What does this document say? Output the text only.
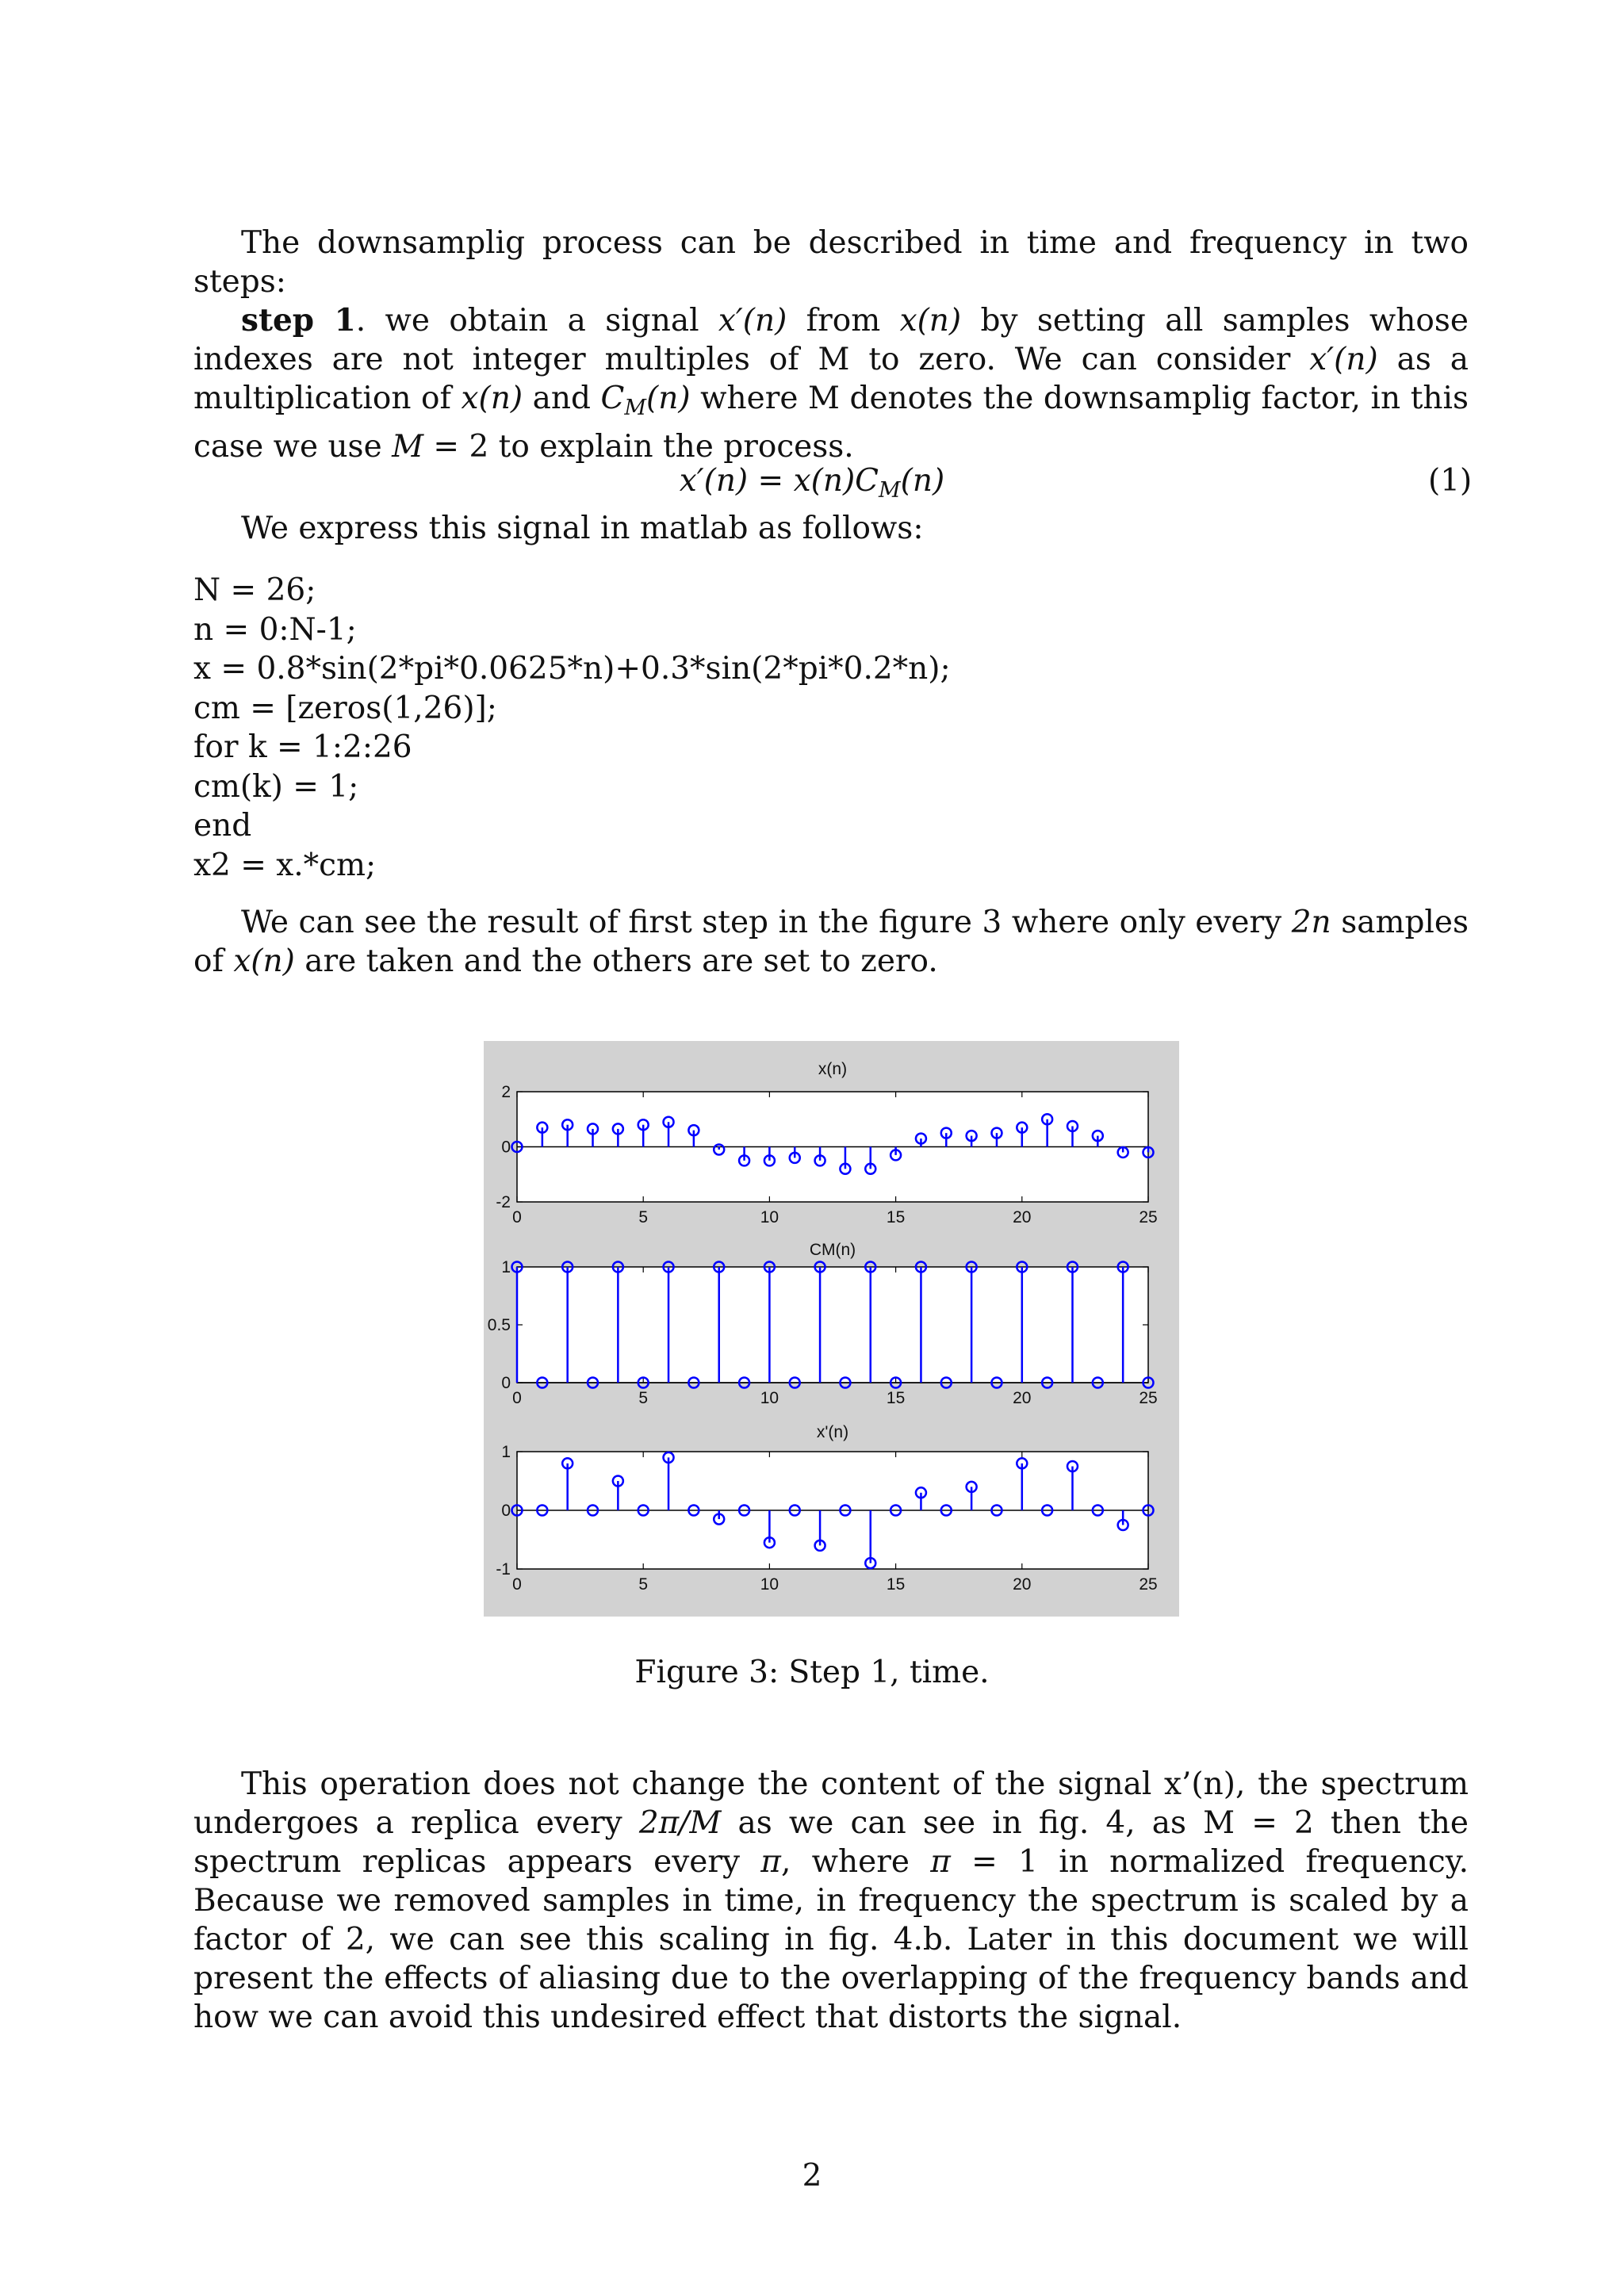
The downsamplig process can be described in time and frequency in two steps:
step 1. we obtain a signal x′(n) from x(n) by setting all samples whose indexes are not integer multiples of M to zero. We can consider x′(n) as a multiplication of x(n) and $C_M(n)$ where M denotes the downsamplig factor, in this case we use M = 2 to explain the process.
$x'(n) = x(n)C_M(n)$	(1)
We express this signal in matlab as follows:
N = 26;
n = 0:N-1;
x = 0.8*sin(2*pi*0.0625*n)+0.3*sin(2*pi*0.2*n);
cm = [zeros(1,26)];
for k = 1:2:26
cm(k) = 1;
end
x2 = x.*cm;
We can see the result of first step in the figure 3 where only every 2n samples of x(n) are taken and the others are set to zero.
x(n)
0	5	10	15	20	25
-2
0
2
CM(n)
0	5	10	15	20	25
0
0.5
1
x'(n)
0	5	10	15	20	25
-1
0
1
Figure 3: Step 1, time.
This operation does not change the content of the signal x’(n), the spectrum undergoes a replica every 2π/M as we can see in fig. 4, as M = 2 then the spectrum replicas appears every π, where π = 1 in normalized frequency. Because we removed samples in time, in frequency the spectrum is scaled by a factor of 2, we can see this scaling in fig. 4.b. Later in this document we will present the effects of aliasing due to the overlapping of the frequency bands and how we can avoid this undesired effect that distorts the signal.
2
